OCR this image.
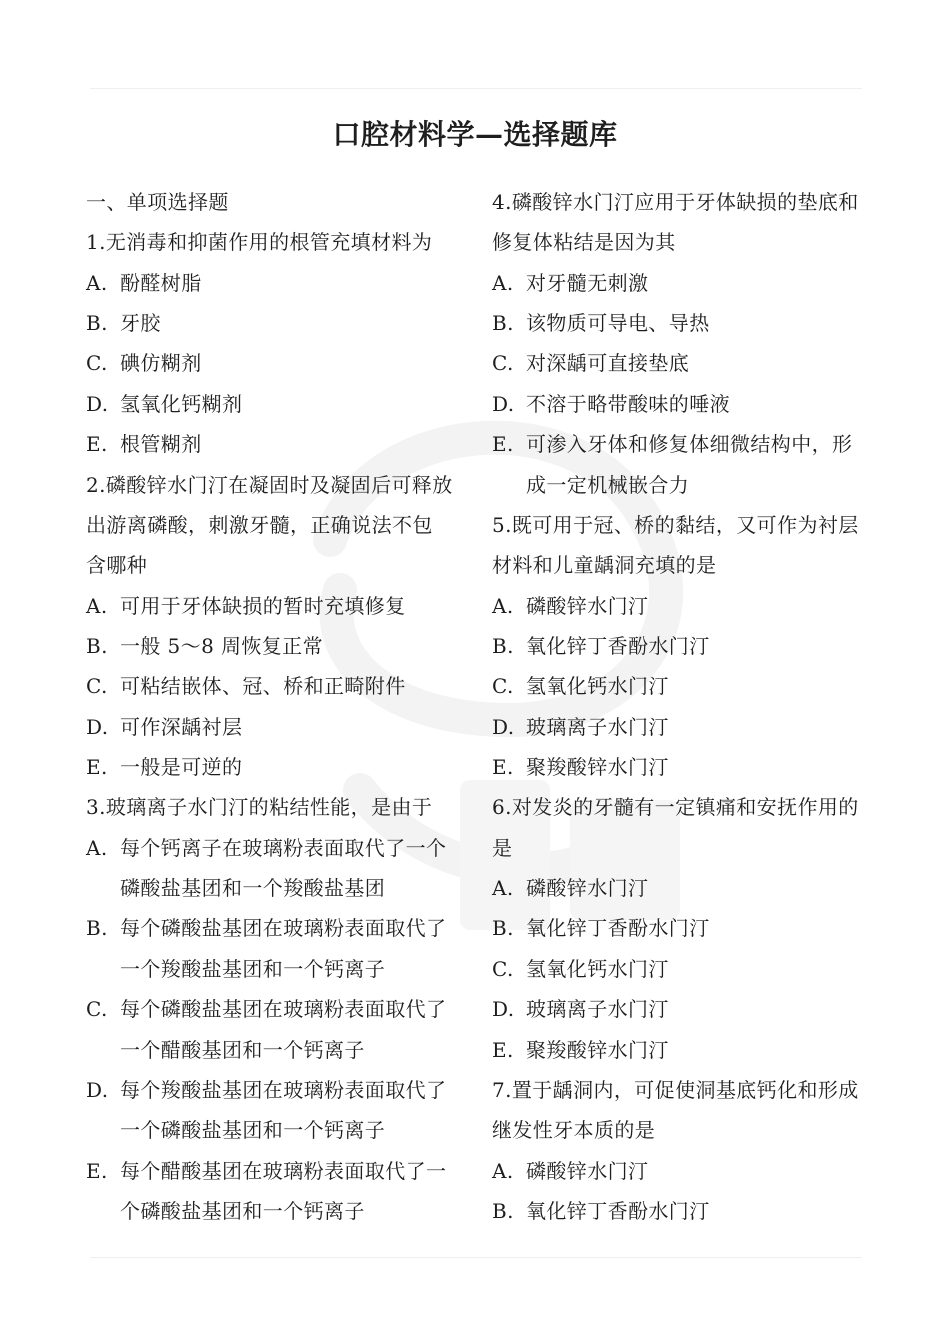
口腔材料学—选择题库
一、单项选择题
1.无消毒和抑菌作用的根管充填材料为
A. 酚醛树脂
B. 牙胶
C. 碘仿糊剂
D. 氢氧化钙糊剂
E. 根管糊剂
2.磷酸锌水门汀在凝固时及凝固后可释放
出游离磷酸，刺激牙髓，正确说法不包
含哪种
A. 可用于牙体缺损的暂时充填修复
B. 一般 5～8 周恢复正常
C. 可粘结嵌体、冠、桥和正畸附件
D. 可作深龋衬层
E. 一般是可逆的
3.玻璃离子水门汀的粘结性能，是由于
A. 每个钙离子在玻璃粉表面取代了一个
磷酸盐基团和一个羧酸盐基团
B. 每个磷酸盐基团在玻璃粉表面取代了
一个羧酸盐基团和一个钙离子
C. 每个磷酸盐基团在玻璃粉表面取代了
一个醋酸基团和一个钙离子
D. 每个羧酸盐基团在玻璃粉表面取代了
一个磷酸盐基团和一个钙离子
E. 每个醋酸基团在玻璃粉表面取代了一
个磷酸盐基团和一个钙离子
4.磷酸锌水门汀应用于牙体缺损的垫底和
修复体粘结是因为其
A. 对牙髓无刺激
B. 该物质可导电、导热
C. 对深龋可直接垫底
D. 不溶于略带酸味的唾液
E. 可渗入牙体和修复体细微结构中，形
成一定机械嵌合力
5.既可用于冠、桥的黏结，又可作为衬层
材料和儿童龋洞充填的是
A. 磷酸锌水门汀
B. 氧化锌丁香酚水门汀
C. 氢氧化钙水门汀
D. 玻璃离子水门汀
E. 聚羧酸锌水门汀
6.对发炎的牙髓有一定镇痛和安抚作用的
是
A. 磷酸锌水门汀
B. 氧化锌丁香酚水门汀
C. 氢氧化钙水门汀
D. 玻璃离子水门汀
E. 聚羧酸锌水门汀
7.置于龋洞内，可促使洞基底钙化和形成
继发性牙本质的是
A. 磷酸锌水门汀
B. 氧化锌丁香酚水门汀
